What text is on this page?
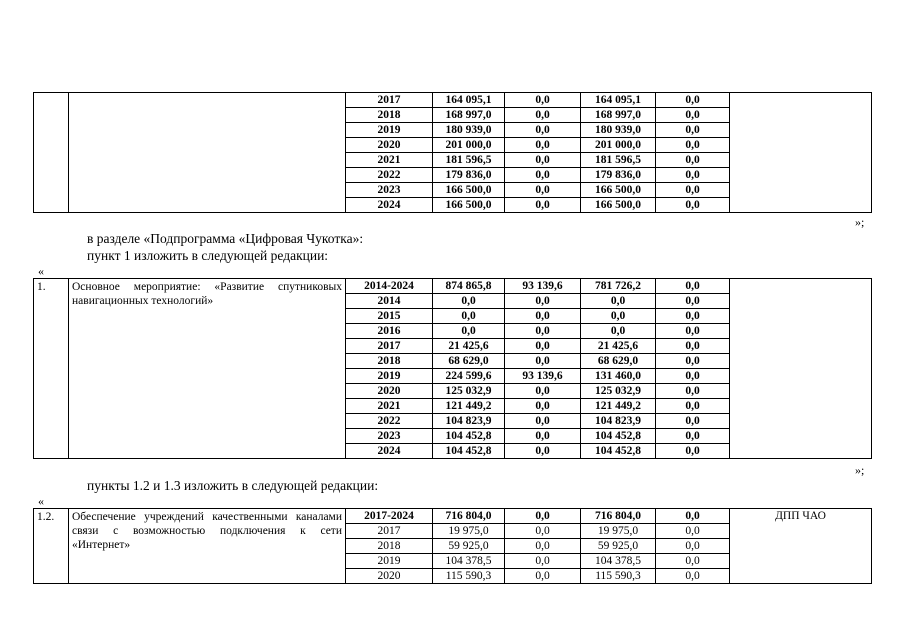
		2017	164 095,1	0,0	164 095,1	0,0	
		2018	168 997,0	0,0	168 997,0	0,0	
		2019	180 939,0	0,0	180 939,0	0,0	
		2020	201 000,0	0,0	201 000,0	0,0	
		2021	181 596,5	0,0	181 596,5	0,0	
		2022	179 836,0	0,0	179 836,0	0,0	
		2023	166 500,0	0,0	166 500,0	0,0	
		2024	166 500,0	0,0	166 500,0	0,0	
»;
в разделе «Подпрограмма «Цифровая Чукотка»:
пункт 1 изложить в следующей редакции:
«
1.	Основное мероприятие: «Развитие спутниковых навигационных технологий»	2014-2024	874 865,8	93 139,6	781 726,2	0,0	
		2014	0,0	0,0	0,0	0,0	
		2015	0,0	0,0	0,0	0,0	
		2016	0,0	0,0	0,0	0,0	
		2017	21 425,6	0,0	21 425,6	0,0	
		2018	68 629,0	0,0	68 629,0	0,0	
		2019	224 599,6	93 139,6	131 460,0	0,0	
		2020	125 032,9	0,0	125 032,9	0,0	
		2021	121 449,2	0,0	121 449,2	0,0	
		2022	104 823,9	0,0	104 823,9	0,0	
		2023	104 452,8	0,0	104 452,8	0,0	
		2024	104 452,8	0,0	104 452,8	0,0	
»;
пункты 1.2 и 1.3 изложить в следующей редакции:
«
1.2.	Обеспечение учреждений качественными каналами связи с возможностью подключения к сети «Интернет»	2017-2024	716 804,0	0,0	716 804,0	0,0	ДПП ЧАО
		2017	19 975,0	0,0	19 975,0	0,0	
		2018	59 925,0	0,0	59 925,0	0,0	
		2019	104 378,5	0,0	104 378,5	0,0	
		2020	115 590,3	0,0	115 590,3	0,0	
